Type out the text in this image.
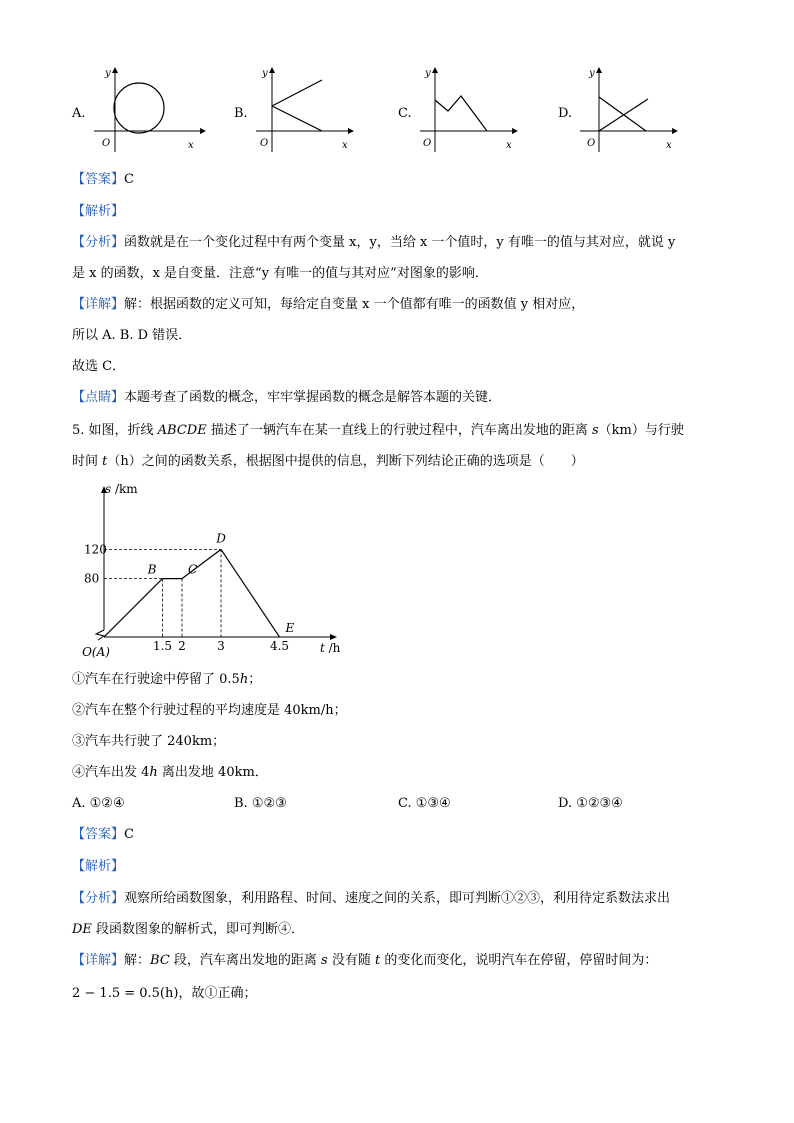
A.
y
x
O
B.
y
x
O
C.
y
x
O
D.
y
x
O
【答案】C
【解析】
【分析】函数就是在一个变化过程中有两个变量 x，y，当给 x 一个值时，y 有唯一的值与其对应，就说 y
是 x 的函数，x 是自变量．注意“y 有唯一的值与其对应”对图象的影响．
【详解】解：根据函数的定义可知，每给定自变量 x 一个值都有唯一的函数值 y 相对应，
所以 A. B. D 错误．
故选 C．
【点睛】本题考查了函数的概念，牢牢掌握函数的概念是解答本题的关键．
5. 如图，折线 ABCDE 描述了一辆汽车在某一直线上的行驶过程中，汽车离出发地的距离 s（km）与行驶
时间 t（h）之间的函数关系，根据图中提供的信息，判断下列结论正确的选项是（　　）
80
120
1.5 2	3	4.5
O(A)
B	C
D
E
s /km
t /h
①汽车在行驶途中停留了 0.5h；
②汽车在整个行驶过程的平均速度是 40km/h；
③汽车共行驶了 240km；
④汽车出发 4h 离出发地 40km．
A. ①②④	B. ①②③	C. ①③④	D. ①②③④
【答案】C
【解析】
【分析】观察所给函数图象，利用路程、时间、速度之间的关系，即可判断①②③，利用待定系数法求出
DE 段函数图象的解析式，即可判断④．
【详解】解：BC 段，汽车离出发地的距离 s 没有随 t 的变化而变化，说明汽车在停留，停留时间为：
2 − 1.5 = 0.5(h)，故①正确；
